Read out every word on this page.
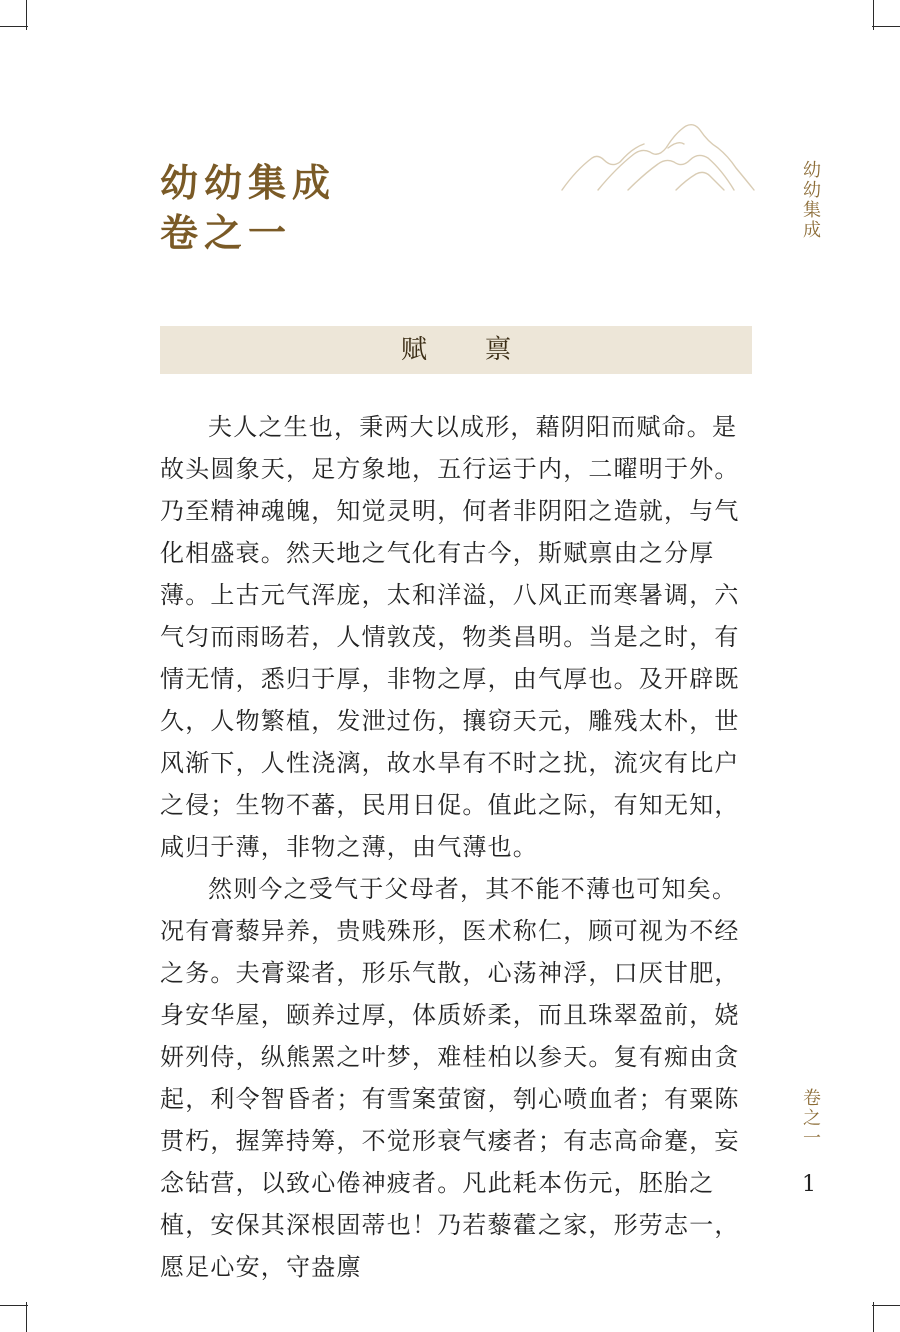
幼幼集成
卷之一	幼幼集成
赋禀

夫人之生也，秉两大以成形，藉阴阳而赋命。是故头圆象天，足方象地，五行运于内，二曜明于外。乃至精神魂魄，知觉灵明，何者非阴阳之造就，与气化相盛衰。然天地之气化有古今，斯赋禀由之分厚薄。上古元气浑庞，太和洋溢，八风正而寒暑调，六气匀而雨旸若，人情敦茂，物类昌明。当是之时，有情无情，悉归于厚，非物之厚，由气厚也。及开辟既久，人物繁植，发泄过伤，攘窃天元，雕残太朴，世风渐下，人性浇漓，故水旱有不时之扰，流灾有比户之侵；生物不蕃，民用日促。值此之际，有知无知，咸归于薄，非物之薄，由气薄也。

然则今之受气于父母者，其不能不薄也可知矣。况有膏藜异养，贵贱殊形，医术称仁，顾可视为不经之务。夫膏粱者，形乐气散，心荡神浮，口厌甘肥，身安华屋，颐养过厚，体质娇柔，而且珠翠盈前，娆妍列侍，纵熊罴之叶梦，难桂柏以参天。复有痴由贪起，利令智昏者；有雪案萤窗，刳心喷血者；有粟陈贯朽，握筭持筹，不觉形衰气痿者；有志高命蹇，妄念钻营，以致心倦神疲者。凡此耗本伤元，胚胎之植，安保其深根固蒂也！乃若藜藿之家，形劳志一，愿足心安，守盎廪

卷之一
1
